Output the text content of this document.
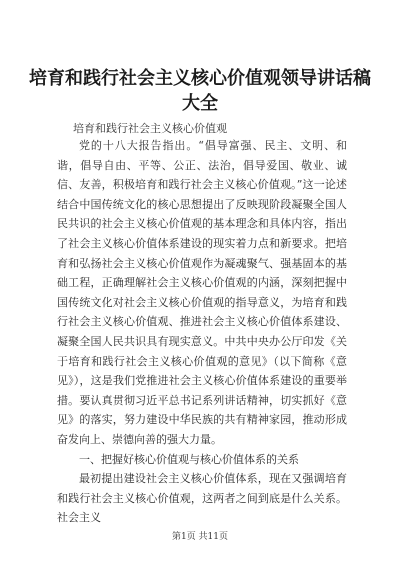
培育和践行社会主义核心价值观领导讲话稿大全
培育和践行社会主义核心价值观

党的十八大报告指出。“倡导富强、民主、文明、和谐，倡导自由、平等、公正、法治，倡导爱国、敬业、诚信、友善，积极培育和践行社会主义核心价值观。”这一论述结合中国传统文化的核心思想提出了反映现阶段凝聚全国人民共识的社会主义核心价值观的基本理念和具体内容，指出了社会主义核心价值体系建设的现实着力点和新要求。把培育和弘扬社会主义核心价值观作为凝魂聚气、强基固本的基础工程，正确理解社会主义核心价值观的内涵，深刻把握中国传统文化对社会主义核心价值观的指导意义，为培育和践行社会主义核心价值观、推进社会主义核心价值体系建设、凝聚全国人民共识具有现实意义。中共中央办公厅印发《关于培育和践行社会主义核心价值观的意见》（以下简称《意见》），这是我们党推进社会主义核心价值体系建设的重要举措。要认真贯彻习近平总书记系列讲话精神，切实抓好《意见》的落实，努力建设中华民族的共有精神家园，推动形成奋发向上、崇德向善的强大力量。

一、把握好核心价值观与核心价值体系的关系

最初提出建设社会主义核心价值体系，现在又强调培育和践行社会主义核心价值观，这两者之间到底是什么关系。社会主义

第1页 共11页
